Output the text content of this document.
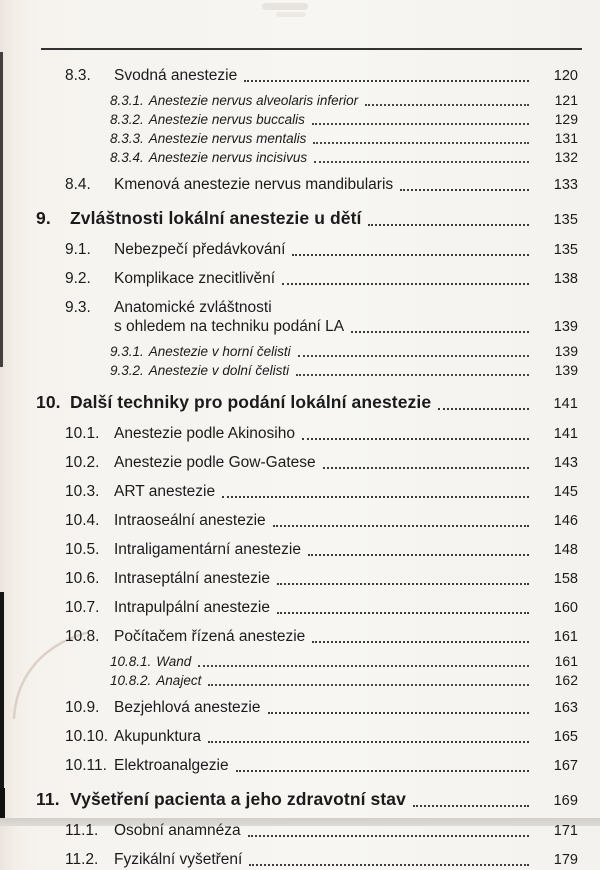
8.3.	Svodná anestezie	120
8.3.1. Anestezie nervus alveolaris inferior	121
8.3.2. Anestezie nervus buccalis	129
8.3.3. Anestezie nervus mentalis	131
8.3.4. Anestezie nervus incisivus	132
8.4.	Kmenová anestezie nervus mandibularis	133
9.	Zvláštnosti lokální anestezie u dětí	135
9.1.	Nebezpečí předávkování	135
9.2.	Komplikace znecitlivění	138
9.3.	Anatomické zvláštnosti
s ohledem na techniku podání LA	139
9.3.1. Anestezie v horní čelisti	139
9.3.2. Anestezie v dolní čelisti	139
10. Další techniky pro podání lokální anestezie	141
10.1. Anestezie podle Akinosiho	141
10.2. Anestezie podle Gow-Gatese	143
10.3. ART anestezie	145
10.4. Intraoseální anestezie	146
10.5. Intraligamentární anestezie	148
10.6. Intraseptální anestezie	158
10.7. Intrapulpální anestezie	160
10.8. Počítačem řízená anestezie	161
10.8.1. Wand	161
10.8.2. Anaject	162
10.9. Bezjehlová anestezie	163
10.10. Akupunktura	165
10.11. Elektroanalgezie	167
11. Vyšetření pacienta a jeho zdravotní stav	169
11.1.	Osobní anamnéza	171
11.2.	Fyzikální vyšetření	179
